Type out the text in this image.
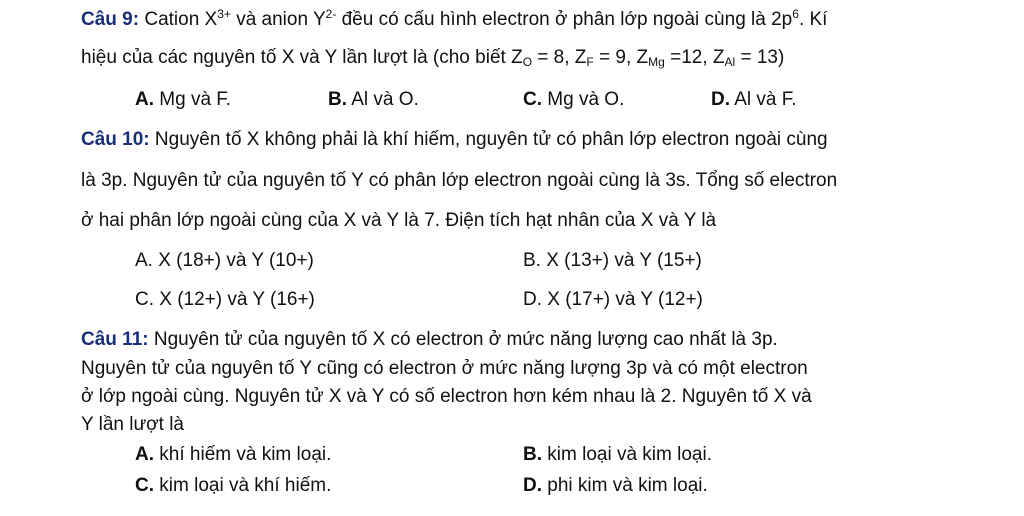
Câu 9: Cation $X^{3+}$ và anion $Y^{2-}$ đều có cấu hình electron ở phân lớp ngoài cùng là $2p^6$. Kí
hiệu của các nguyên tố X và Y lần lượt là (cho biết $Z_O = 8$, $Z_F = 9$, $Z_{Mg} =12$, $Z_{Al} = 13$)
A. Mg và F.	B. Al và O.	C. Mg và O.	D. Al và F.
Câu 10: Nguyên tố X không phải là khí hiếm, nguyên tử có phân lớp electron ngoài cùng
là 3p. Nguyên tử của nguyên tố Y có phân lớp electron ngoài cùng là 3s. Tổng số electron
ở hai phân lớp ngoài cùng của X và Y là 7. Điện tích hạt nhân của X và Y là
A. X (18+) và Y (10+)	B. X (13+) và Y (15+)
C. X (12+) và Y (16+)	D. X (17+) và Y (12+)
Câu 11: Nguyên tử của nguyên tố X có electron ở mức năng lượng cao nhất là 3p.
Nguyên tử của nguyên tố Y cũng có electron ở mức năng lượng 3p và có một electron
ở lớp ngoài cùng. Nguyên tử X và Y có số electron hơn kém nhau là 2. Nguyên tố X và
Y lần lượt là
A. khí hiếm và kim loại.	B. kim loại và kim loại.
C. kim loại và khí hiếm.	D. phi kim và kim loại.
